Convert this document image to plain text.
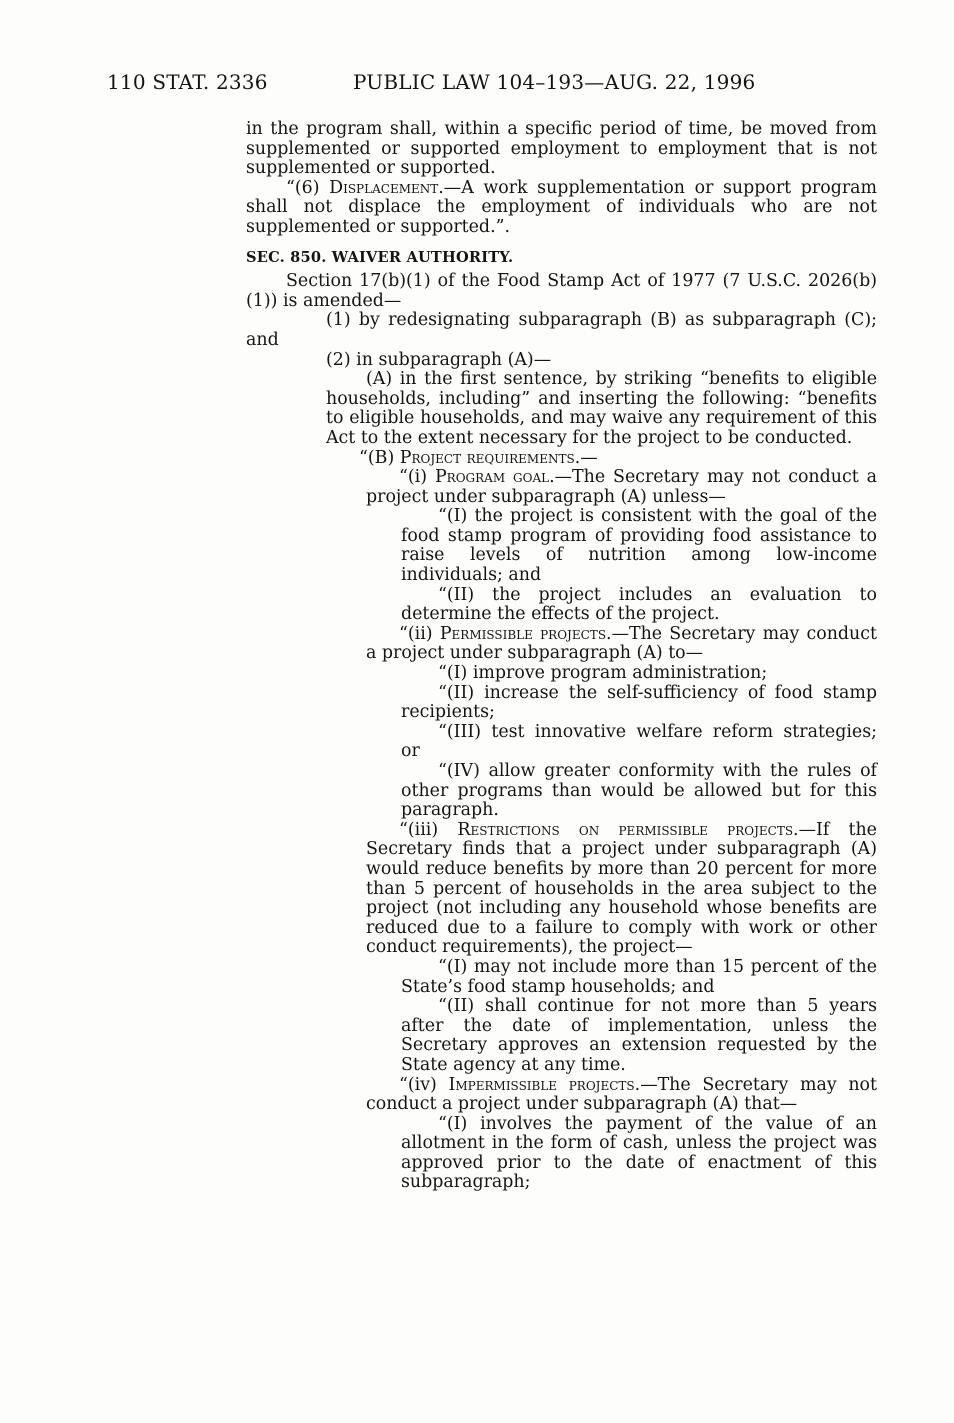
110 STAT. 2336	PUBLIC LAW 104–193—AUG. 22, 1996

in the program shall, within a specific period of time, be moved from supplemented or supported employment to employment that is not supplemented or supported.

“(6) Displacement.—A work supplementation or support program shall not displace the employment of individuals who are not supplemented or supported.”.

SEC. 850. WAIVER AUTHORITY.

Section 17(b)(1) of the Food Stamp Act of 1977 (7 U.S.C. 2026(b)(1)) is amended—

(1) by redesignating subparagraph (B) as subparagraph (C); and

(2) in subparagraph (A)—

(A) in the first sentence, by striking “benefits to eligible households, including” and inserting the following: “benefits to eligible households, and may waive any requirement of this Act to the extent necessary for the project to be conducted.

“(B) Project requirements.—

“(i) Program goal.—The Secretary may not conduct a project under subparagraph (A) unless—

“(I) the project is consistent with the goal of the food stamp program of providing food assistance to raise levels of nutrition among low-income individuals; and

“(II) the project includes an evaluation to determine the effects of the project.

“(ii) Permissible projects.—The Secretary may conduct a project under subparagraph (A) to—

“(I) improve program administration;

“(II) increase the self-sufficiency of food stamp recipients;

“(III) test innovative welfare reform strategies; or

“(IV) allow greater conformity with the rules of other programs than would be allowed but for this paragraph.

“(iii) Restrictions on permissible projects.—If the Secretary finds that a project under subparagraph (A) would reduce benefits by more than 20 percent for more than 5 percent of households in the area subject to the project (not including any household whose benefits are reduced due to a failure to comply with work or other conduct requirements), the project—

“(I) may not include more than 15 percent of the State’s food stamp households; and

“(II) shall continue for not more than 5 years after the date of implementation, unless the Secretary approves an extension requested by the State agency at any time.

“(iv) Impermissible projects.—The Secretary may not conduct a project under subparagraph (A) that—

“(I) involves the payment of the value of an allotment in the form of cash, unless the project was approved prior to the date of enactment of this subparagraph;
